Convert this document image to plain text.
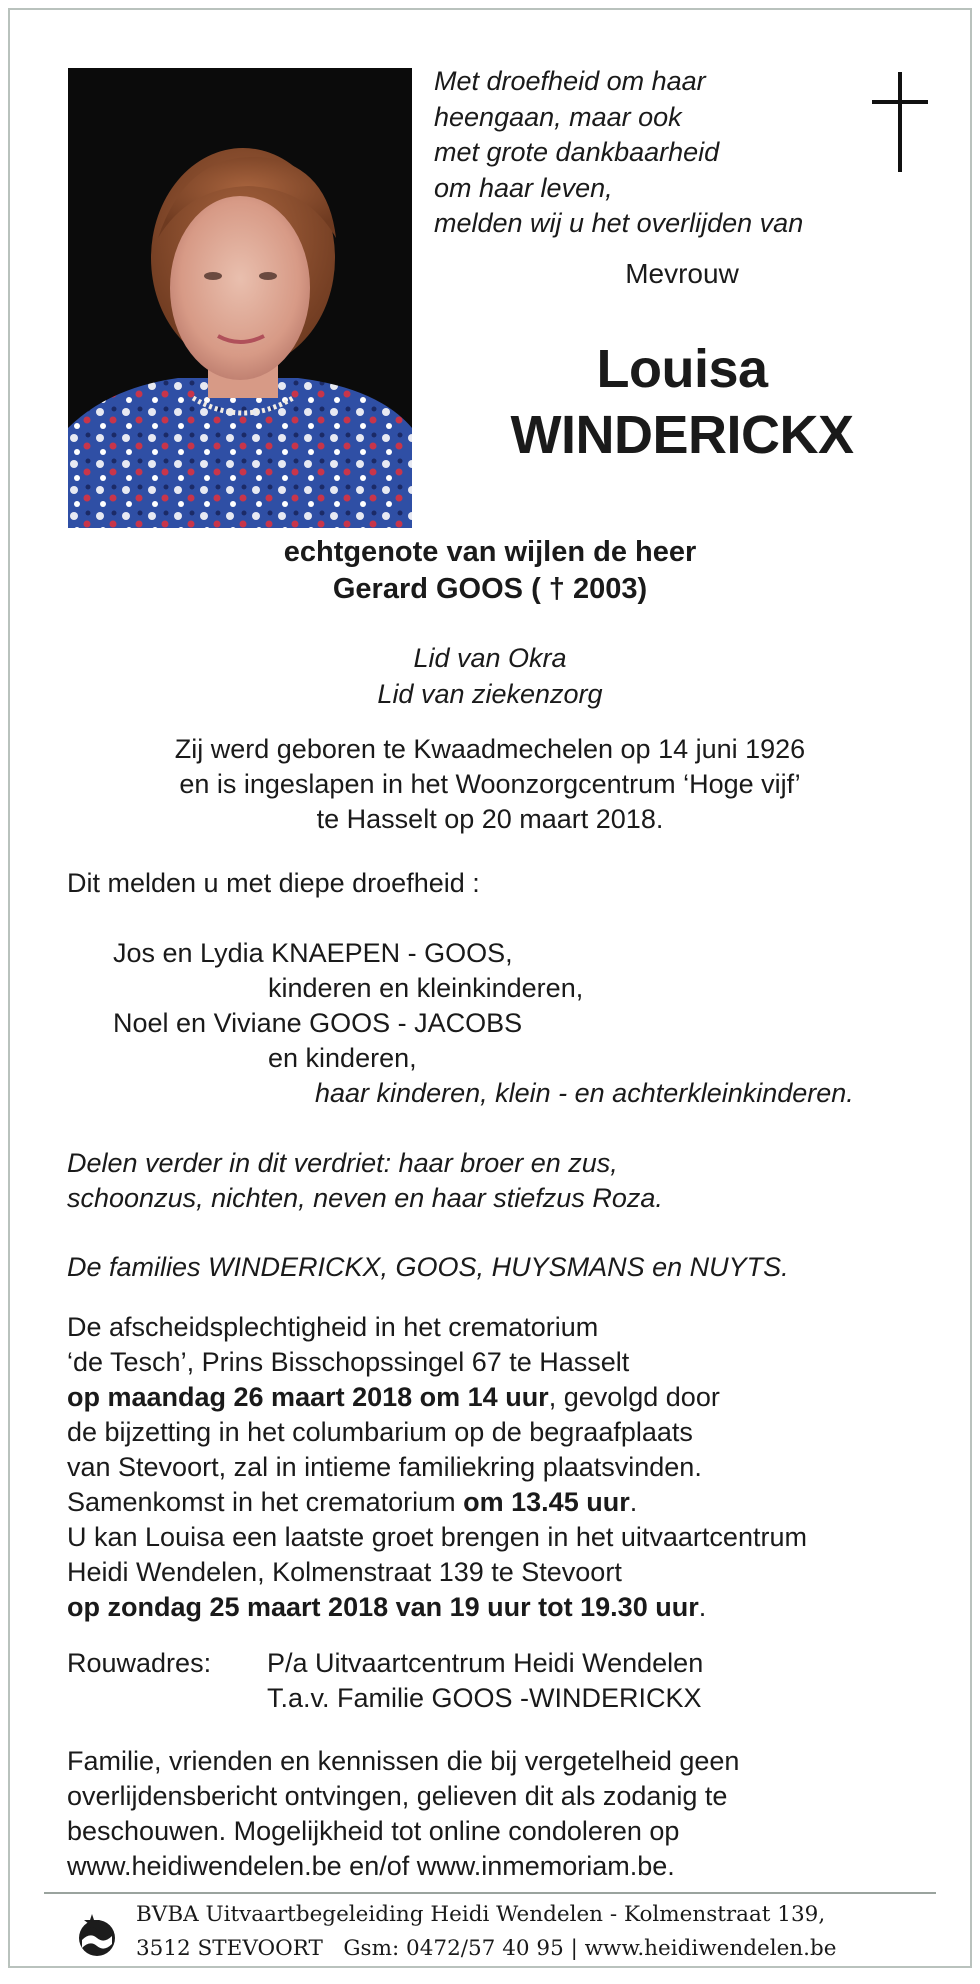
Met droefheid om haar
heengaan, maar ook
met grote dankbaarheid
om haar leven,
melden wij u het overlijden van
Mevrouw
Louisa
WINDERICKX
echtgenote van wijlen de heer
Gerard GOOS ( † 2003)
Lid van Okra
Lid van ziekenzorg
Zij werd geboren te Kwaadmechelen op 14 juni 1926
en is ingeslapen in het Woonzorgcentrum ‘Hoge vijf’
te Hasselt op 20 maart 2018.
Dit melden u met diepe droefheid :
Jos en Lydia KNAEPEN - GOOS,
kinderen en kleinkinderen,
Noel en Viviane GOOS - JACOBS
en kinderen,
haar kinderen, klein - en achterkleinkinderen.
Delen verder in dit verdriet: haar broer en zus,
schoonzus, nichten, neven en haar stiefzus Roza.
De families WINDERICKX, GOOS, HUYSMANS en NUYTS.
De afscheidsplechtigheid in het crematorium
‘de Tesch’, Prins Bisschopssingel 67 te Hasselt
op maandag 26 maart 2018 om 14 uur, gevolgd door
de bijzetting in het columbarium op de begraafplaats
van Stevoort, zal in intieme familiekring plaatsvinden.
Samenkomst in het crematorium om 13.45 uur.
U kan Louisa een laatste groet brengen in het uitvaartcentrum
Heidi Wendelen, Kolmenstraat 139 te Stevoort
op zondag 25 maart 2018 van 19 uur tot 19.30 uur.
Rouwadres: P/a Uitvaartcentrum Heidi Wendelen
T.a.v. Familie GOOS -WINDERICKX
Familie, vrienden en kennissen die bij vergetelheid geen
overlijdensbericht ontvingen, gelieven dit als zodanig te
beschouwen. Mogelijkheid tot online condoleren op
www.heidiwendelen.be en/of www.inmemoriam.be.
BVBA Uitvaartbegeleiding Heidi Wendelen - Kolmenstraat 139,
3512 STEVOORT   Gsm: 0472/57 40 95 | www.heidiwendelen.be
